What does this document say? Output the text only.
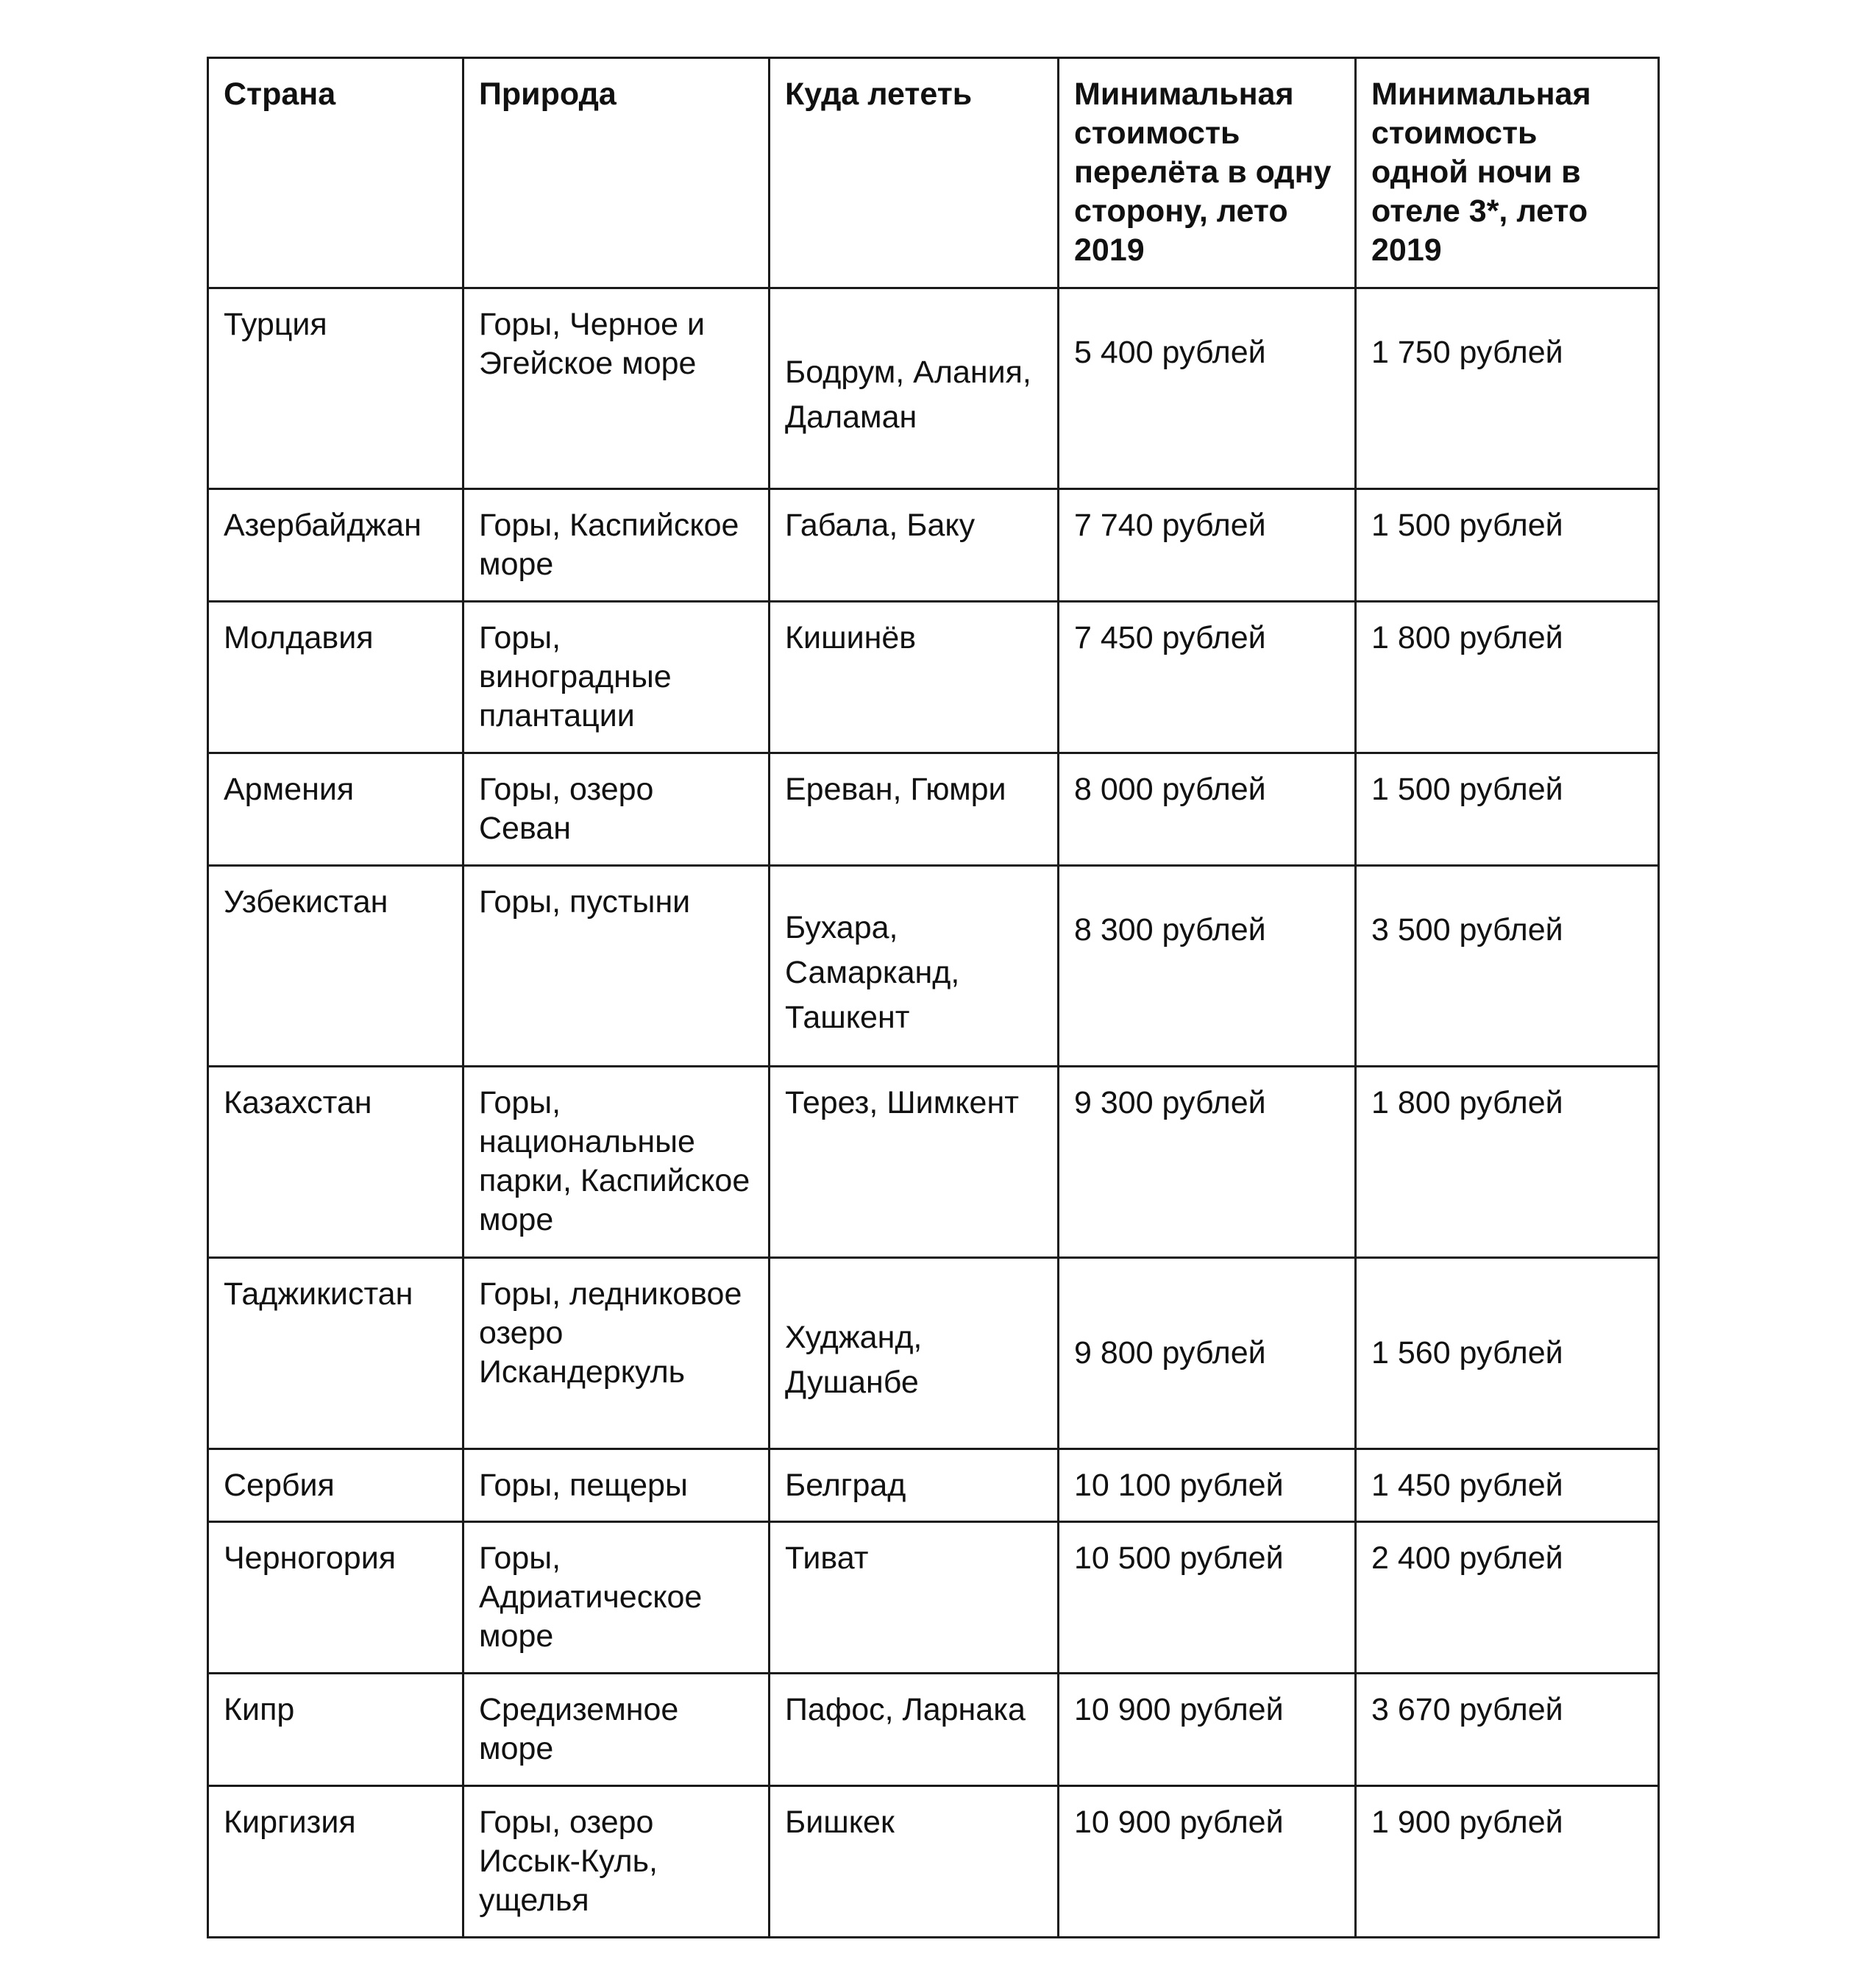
Страна	Природа	Куда лететь	Минимальная стоимость перелёта в одну сторону, лето 2019	Минимальная стоимость одной ночи в отеле 3*, лето 2019
Турция	Горы, Черное и Эгейское море	Бодрум, Алания, Даламан	5 400 рублей	1 750 рублей
Азербайджан	Горы, Каспийское море	Габала, Баку	7 740 рублей	1 500 рублей
Молдавия	Горы, виноградные плантации	Кишинёв	7 450 рублей	1 800 рублей
Армения	Горы, озеро Севан	Ереван, Гюмри	8 000 рублей	1 500 рублей
Узбекистан	Горы, пустыни	Бухара, Самарканд, Ташкент	8 300 рублей	3 500 рублей
Казахстан	Горы, национальные парки, Каспийское море	Терез, Шимкент	9 300 рублей	1 800 рублей
Таджикистан	Горы, ледниковое озеро Искандеркуль	Худжанд, Душанбе	9 800 рублей	1 560 рублей
Сербия	Горы, пещеры	Белград	10 100 рублей	1 450 рублей
Черногория	Горы, Адриатическое море	Тиват	10 500 рублей	2 400 рублей
Кипр	Средиземное море	Пафос, Ларнака	10 900 рублей	3 670 рублей
Киргизия	Горы, озеро Иссык-Куль, ущелья	Бишкек	10 900 рублей	1 900 рублей
